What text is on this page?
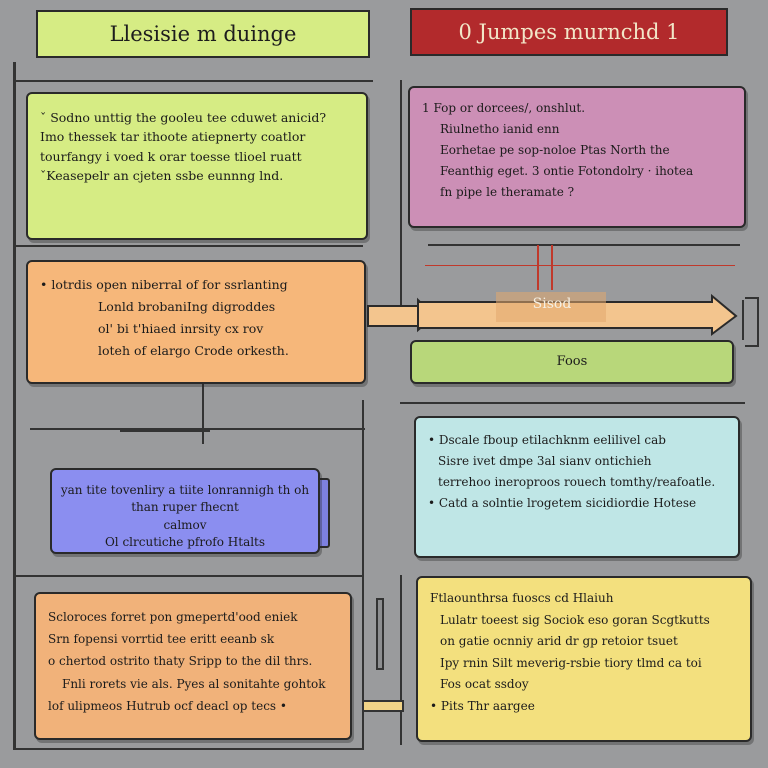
Llesisie m duinge	0 Jumpes murnchd 1

ˇ Sodno unttig the gooleu tee cduwet anicid?

Imo thessek tar ithoote atiepnerty coatlor

tourfangy i voed k orar toesse tlioel ruatt

ˇKeasepelr an cjeten ssbe eunnng lnd.

1 Fop or dorcees/, onshlut.

Riulnetho ianid enn

Eorhetae pe sop-noloe Ptas North the

Feanthig eget. 3 ontie Fotondolry · ihotea

fn pipe le theramate ?

• lotrdis open niberral of for ssrlanting

Lonld brobaniIng digroddes

ol' bi t'hiaed inrsity cx rov

loteh of elargo Crode orkesth.

Sisod
Foos

yan tite tovenliry a tiite lonrannigh th oh

than ruper fhecnt

calmov

Ol clrcutiche pfrofo Htalts

• Dscale fboup etilachknm eelilivel cab

Sisre ivet dmpe 3al sianv ontichieh

terrehoo ineroproos rouech tomthy/reafoatle.

• Catd a solntie lrogetem sicidiordie Hotese

Scloroces forret pon gmepertd'ood eniek

Srn fopensi vorrtid tee eritt eeanb sk

o chertod ostrito thaty Sripp to the dil thrs.

Fnli rorets vie als. Pyes al sonitahte gohtok

lof ulipmeos Hutrub ocf deacl op tecs •

Ftlaounthrsa fuoscs cd Hlaiuh

Lulatr toeest sig Sociok eso goran Scgtkutts

on gatie ocnniy arid dr gp retoior tsuet

Ipy rnin Silt meverig-rsbie tiory tlmd ca toi

Fos ocat ssdoy

• Pits Thr aargee
